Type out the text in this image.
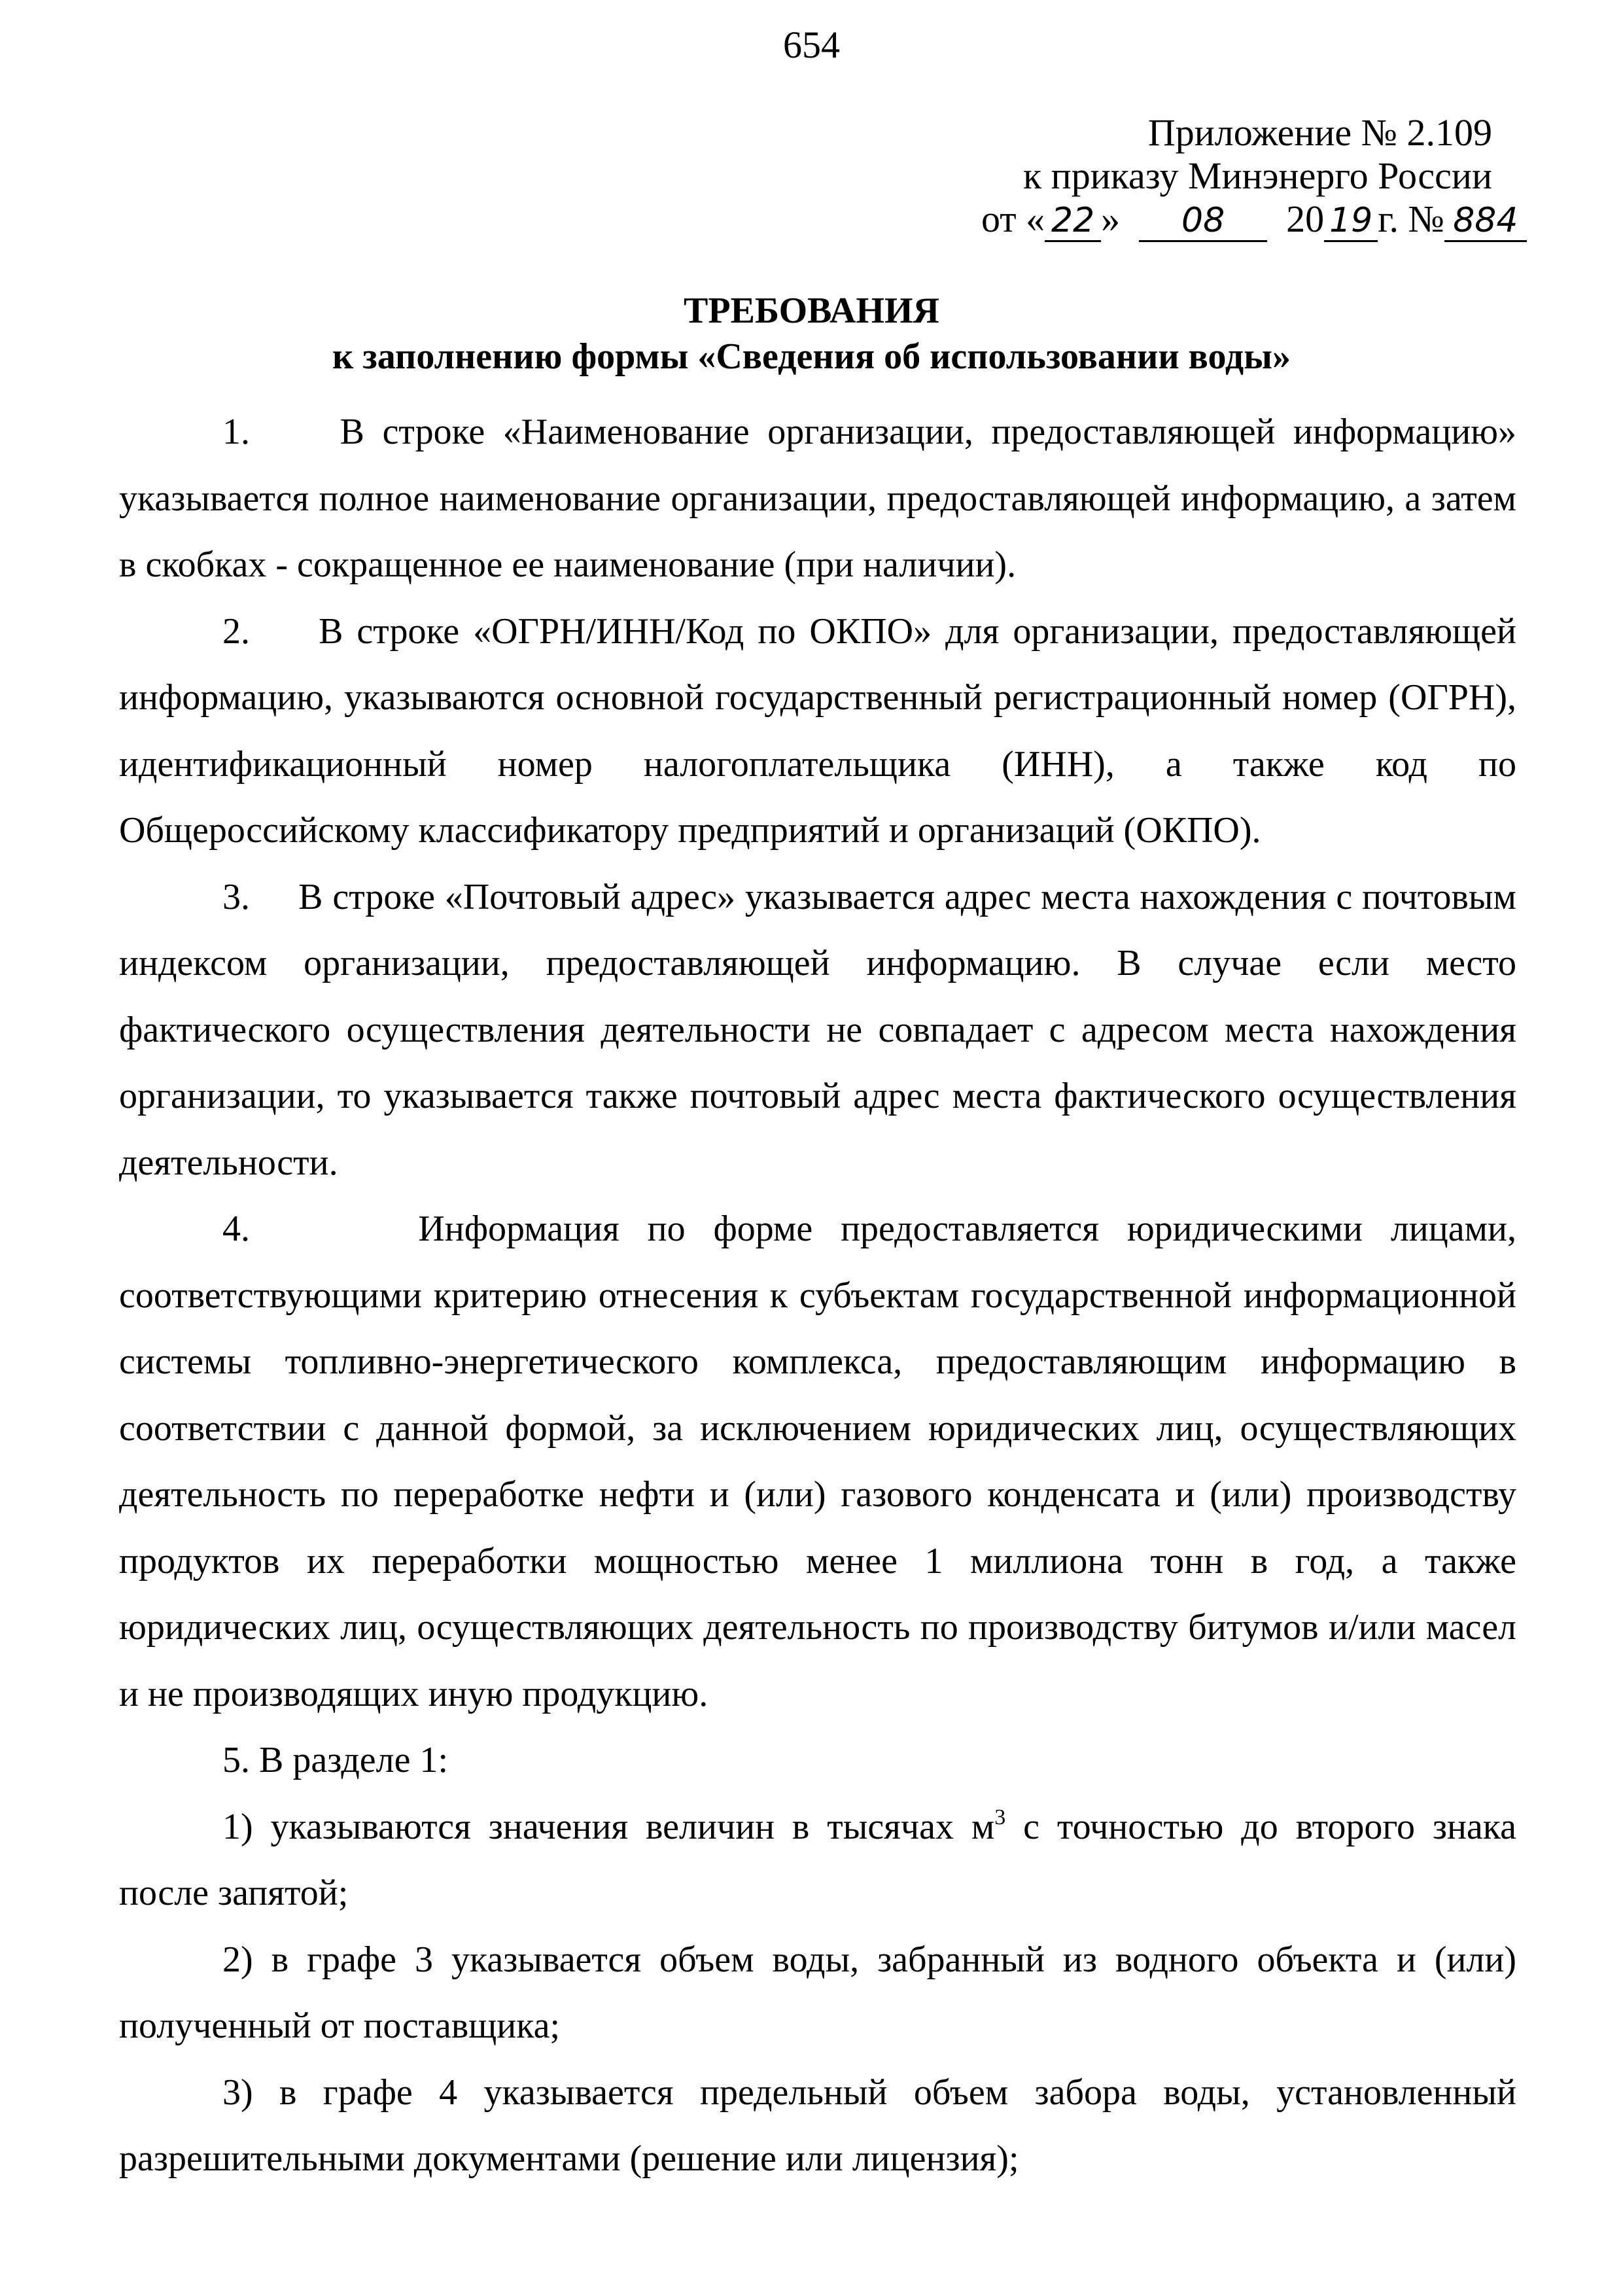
654
Приложение № 2.109
к приказу Минэнерго России
от « 22 » 08 20 19 г. № 884
ТРЕБОВАНИЯ
к заполнению формы «Сведения об использовании воды»

1.     В строке «Наименование организации, предоставляющей информацию» указывается полное наименование организации, предоставляющей информацию, а затем в скобках - сокращенное ее наименование (при наличии).

2.     В строке «ОГРН/ИНН/Код по ОКПО» для организации, предоставляющей информацию, указываются основной государственный регистрационный номер (ОГРН), идентификационный номер налогоплательщика (ИНН), а также код по Общероссийскому классификатору предприятий и организаций (ОКПО).

3.     В строке «Почтовый адрес» указывается адрес места нахождения с почтовым индексом организации, предоставляющей информацию. В случае если место фактического осуществления деятельности не совпадает с адресом места нахождения организации, то указывается также почтовый адрес места фактического осуществления деятельности.

4.      Информация по форме предоставляется юридическими лицами, соответствующими критерию отнесения к субъектам государственной информационной системы топливно-энергетического комплекса, предоставляющим информацию в соответствии с данной формой, за исключением юридических лиц, осуществляющих деятельность по переработке нефти и (или) газового конденсата и (или) производству продуктов их переработки мощностью менее 1 миллиона тонн в год, а также юридических лиц, осуществляющих деятельность по производству битумов и/или масел и не производящих иную продукцию.

5. В разделе 1:

1) указываются значения величин в тысячах $м^3$ с точностью до второго знака после запятой;

2) в графе 3 указывается объем воды, забранный из водного объекта и (или) полученный от поставщика;

3) в графе 4 указывается предельный объем забора воды, установленный разрешительными документами (решение или лицензия);
